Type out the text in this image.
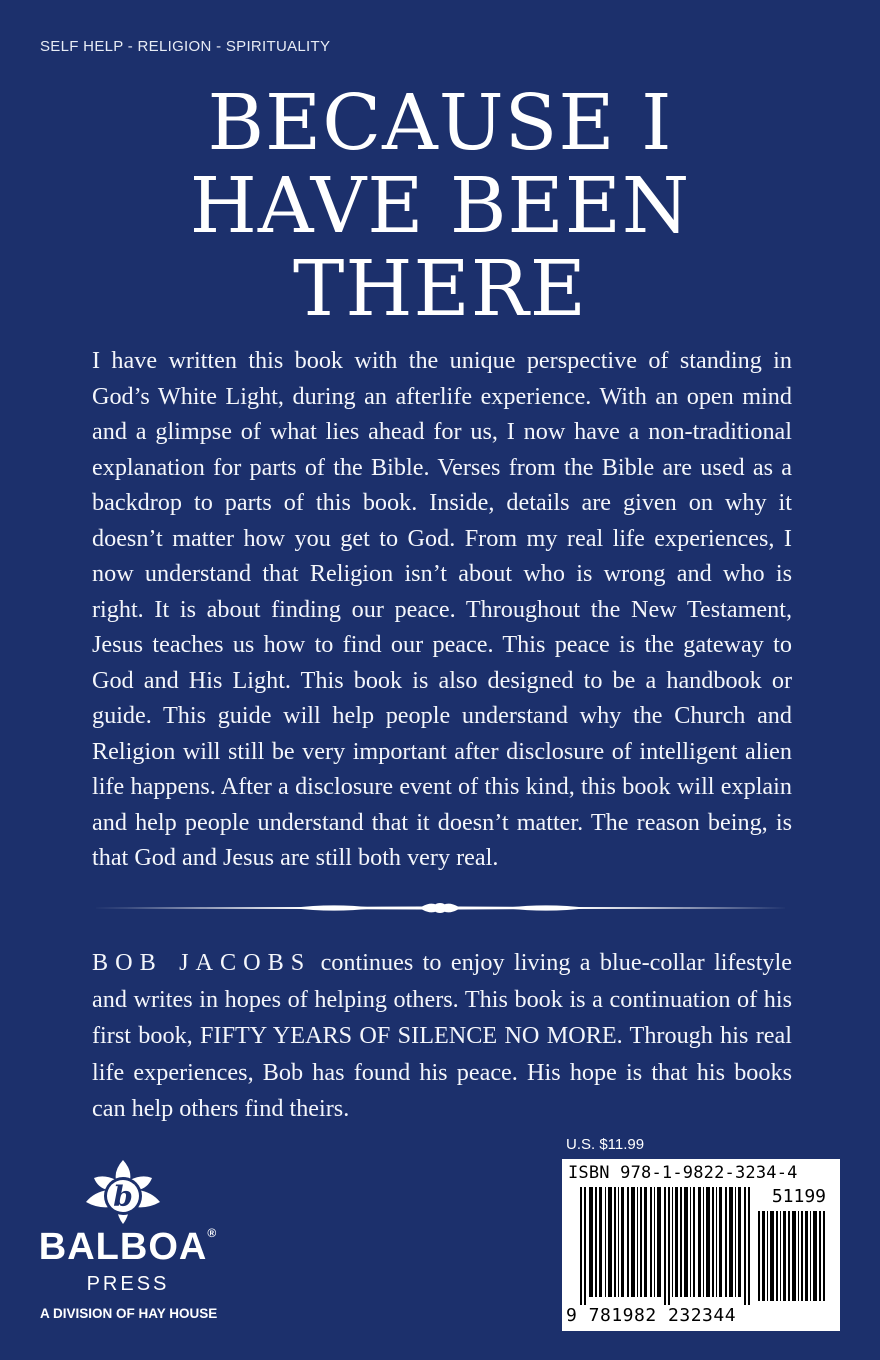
SELF HELP - RELIGION - SPIRITUALITY
BECAUSE I
HAVE BEEN
THERE

I have written this book with the unique perspective of standing in God’s White Light, during an afterlife experience. With an open mind and a glimpse of what lies ahead for us, I now have a non-traditional explanation for parts of the Bible. Verses from the Bible are used as a backdrop to parts of this book. Inside, details are given on why it doesn’t matter how you get to God. From my real life experiences, I now understand that Religion isn’t about who is wrong and who is right. It is about finding our peace. Throughout the New Testament, Jesus teaches us how to find our peace. This peace is the gateway to God and His Light. This book is also designed to be a handbook or guide. This guide will help people understand why the Church and Religion will still be very important after disclosure of intelligent alien life happens. After a disclosure event of this kind, this book will explain and help people understand that it doesn’t matter. The reason being, is that God and Jesus are still both very real.

BOB JACOBS continues to enjoy living a blue-collar lifestyle and writes in hopes of helping others. This book is a continuation of his first book, FIFTY YEARS OF SILENCE NO MORE. Through his real life experiences, Bob has found his peace. His hope is that his books can help others find theirs.

U.S. $11.99
ISBN 978-1-9822-3234-4
51199
9 781982 232344
b
BALBOA®
PRESS
A DIVISION OF HAY HOUSE
